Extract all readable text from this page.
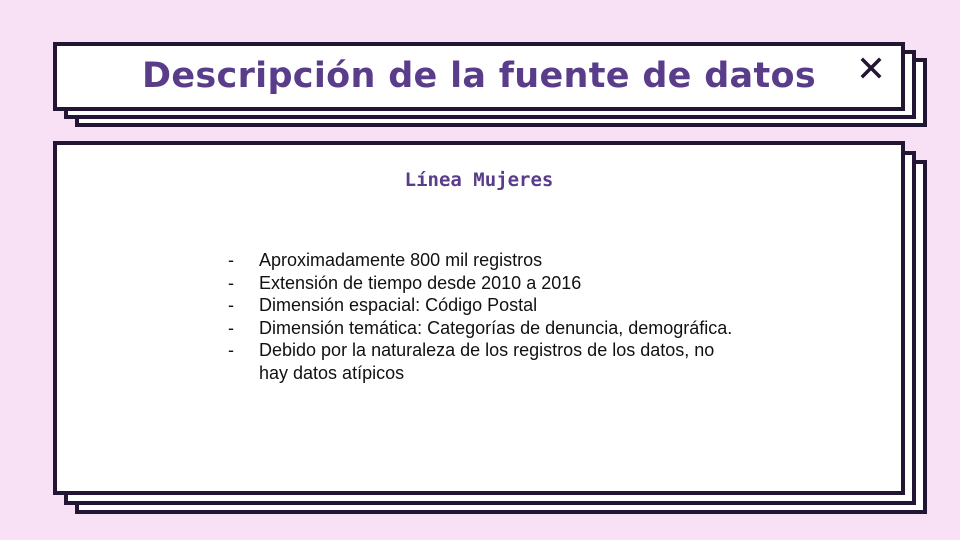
Descripción de la fuente de datos
Línea Mujeres
- Aproximadamente 800 mil registros
- Extensión de tiempo desde 2010 a 2016
- Dimensión espacial: Código Postal
- Dimensión temática: Categorías de denuncia, demográfica.
- Debido por la naturaleza de los registros de los datos, no hay datos atípicos
